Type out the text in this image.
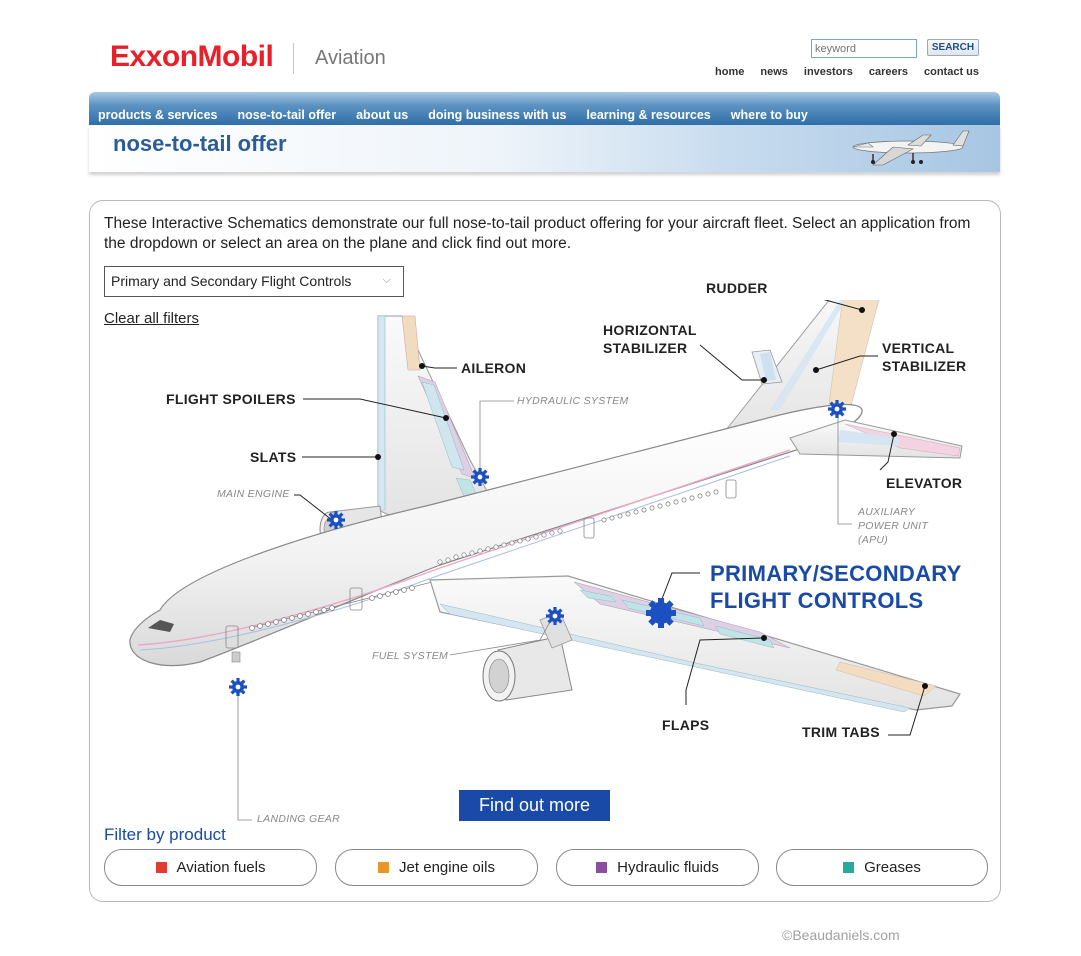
ExxonMobil Aviation
keyword	SEARCH
home news investors careers contact us
products & services nose-to-tail offer about us doing business with us learning & resources where to buy
nose-to-tail offer
These Interactive Schematics demonstrate our full nose-to-tail product offering for your aircraft fleet. Select an application from the dropdown or select an area on the plane and click find out more.
Primary and Secondary Flight Controls	⌵
Clear all filters
RUDDER
HORIZONTAL
STABILIZER	VERTICAL
STABILIZER
AILERON
FLIGHT SPOILERS
SLATS
ELEVATOR
FLAPS	TRIM TABS
PRIMARY/SECONDARY
FLIGHT CONTROLS
HYDRAULIC SYSTEM
MAIN ENGINE
AUXILIARY
POWER UNIT
(APU)
FUEL SYSTEM
LANDING GEAR
Find out more
Filter by product
Aviation fuels	Jet engine oils	Hydraulic fluids	Greases
©Beaudaniels.com
